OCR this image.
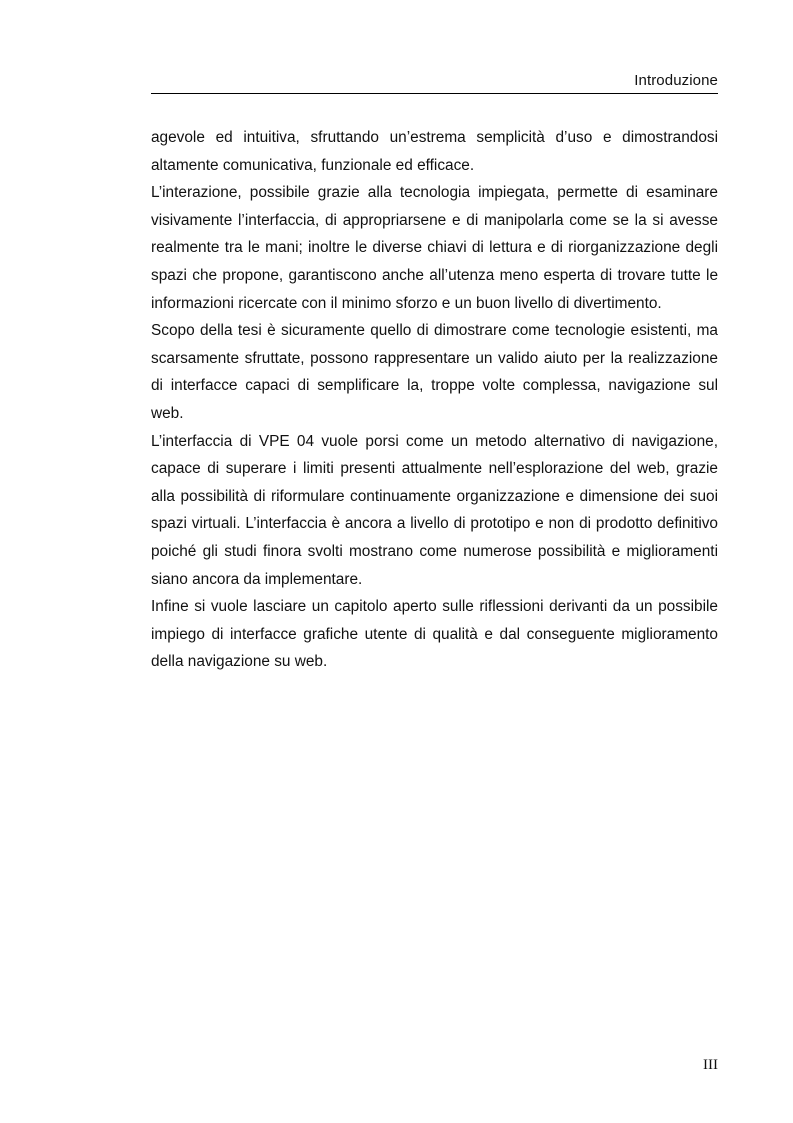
Introduzione

agevole ed intuitiva, sfruttando un’estrema semplicità d’uso e dimostrandosi altamente comunicativa, funzionale ed efficace.

L’interazione, possibile grazie alla tecnologia impiegata, permette di esaminare visivamente l’interfaccia, di appropriarsene e di manipolarla come se la si avesse realmente tra le mani; inoltre le diverse chiavi di lettura e di riorganizzazione degli spazi che propone, garantiscono anche all’utenza meno esperta di trovare tutte le informazioni ricercate con il minimo sforzo e un buon livello di divertimento.

Scopo della tesi è sicuramente quello di dimostrare come tecnologie esistenti, ma scarsamente sfruttate, possono rappresentare un valido aiuto per la realizzazione di interfacce capaci di semplificare la, troppe volte complessa, navigazione sul web.

L’interfaccia di VPE 04 vuole porsi come un metodo alternativo di navigazione, capace di superare i limiti presenti attualmente nell’esplorazione del web, grazie alla possibilità di riformulare continuamente organizzazione e dimensione dei suoi spazi virtuali. L’interfaccia è ancora a livello di prototipo e non di prodotto definitivo poiché gli studi finora svolti mostrano come numerose possibilità e miglioramenti siano ancora da implementare.

Infine si vuole lasciare un capitolo aperto sulle riflessioni derivanti da un possibile impiego di interfacce grafiche utente di qualità e dal conseguente miglioramento della navigazione su web.

III
